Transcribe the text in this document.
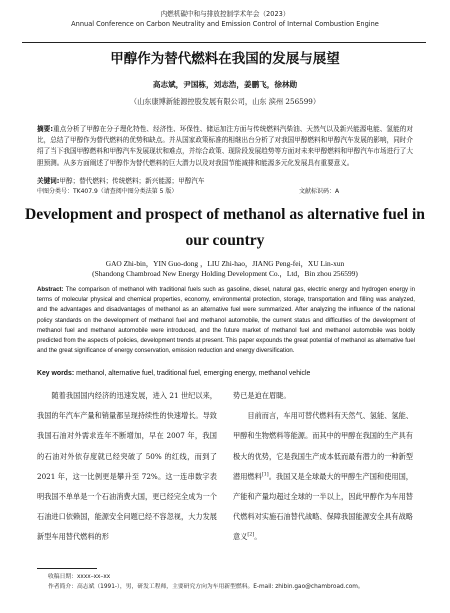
内燃机碳中和与排放控制学术年会（2023）
Annual Conference on Carbon Neutrality and Emission Control of Internal Combustion Engine
甲醇作为替代燃料在我国的发展与展望
高志斌，尹国栋，刘志浩，姜鹏飞，徐林勋
（山东康博新能源控股发展有限公司，山东 滨州 256599）
摘要:重点分析了甲醇在分子理化特性、经济性、环保性、储运加注方面与传统燃料汽柴油、天然气以及新兴能源电能、氢能的对比，总结了甲醇作为替代燃料的优势和缺点。并从国家政策标准的相继出台分析了对我国甲醇燃料和甲醇汽车发展的影响，同时介绍了当下我国甲醇燃料和甲醇汽车发展现状和难点，并综合政策、现阶段发展趋势等方面对未来甲醇燃料和甲醇汽车市场进行了大胆预测。从多方面阐述了甲醇作为替代燃料的巨大潜力以及对我国节能减排和能源多元化发展具有重要意义。
关键词:甲醇；替代燃料；传统燃料；新兴能源；甲醇汽车
中图分类号：TK407.9（请查阅中图分类法第 5 版）	文献标识码：A
Development and prospect of methanol as alternative fuel in our country
GAO Zhi-bin，YIN Guo-dong ，LIU Zhi-hao，JIANG Peng-fei，XU Lin-xun
(Shandong Chambroad New Energy Holding Development Co.，Ltd，Bin zhou 256599)
Abstract: The comparison of methanol with traditional fuels such as gasoline, diesel, natural gas, electric energy and hydrogen energy in terms of molecular physical and chemical properties, economy, environmental protection, storage, transportation and filling was analyzed, and the advantages and disadvantages of methanol as an alternative fuel were summarized. After analyzing the influence of the national policy standards on the development of methanol fuel and methanol automobile, the current status and difficulties of the development of methanol fuel and methanol automobile were introduced, and the future market of methanol fuel and methanol automobile was boldly predicted from the aspects of policies, development trends at present. This paper expounds the great potential of methanol as alternative fuel and the great significance of energy conservation, emission reduction and energy diversification.
Key words: methanol, alternative fuel, traditional fuel, emerging energy, methanol vehicle

随着我国国内经济的迅速发展，进入 21 世纪以来，我国的年汽车产量和销量都呈现持续性的快速增长。导致我国石油对外需求连年不断增加，早在 2007 年，我国的石油对外依存度就已经突破了 50% 的红线，而到了 2021 年，这一比例更是攀升至 72%。这一连串数字表明我国不单单是一个石油消费大国，更已经完全成为一个石油进口依赖国，能源安全问题已经不容忽视，大力发展新型车用替代燃料的形

势已是迫在眉睫。

目前而言，车用可替代燃料有天然气、氢能、氢能、甲醇和生物燃料等能源。而其中的甲醇在我国的生产具有极大的优势，它是我国生产成本低而最有潜力的一种新型潜用燃料[1]。我国又是全球最大的甲醇生产国和使用国，产能和产量均超过全球的一半以上，因此甲醇作为车用替代燃料对实施石油替代战略、保障我国能源安全具有战略意义[2]。

收稿日期：xxxx–xx–xx
作者简介：高志斌（1991-），男，研发工程师，主要研究方向为车用新型燃料。E-mail: zhibin.gao@chambroad.com。
